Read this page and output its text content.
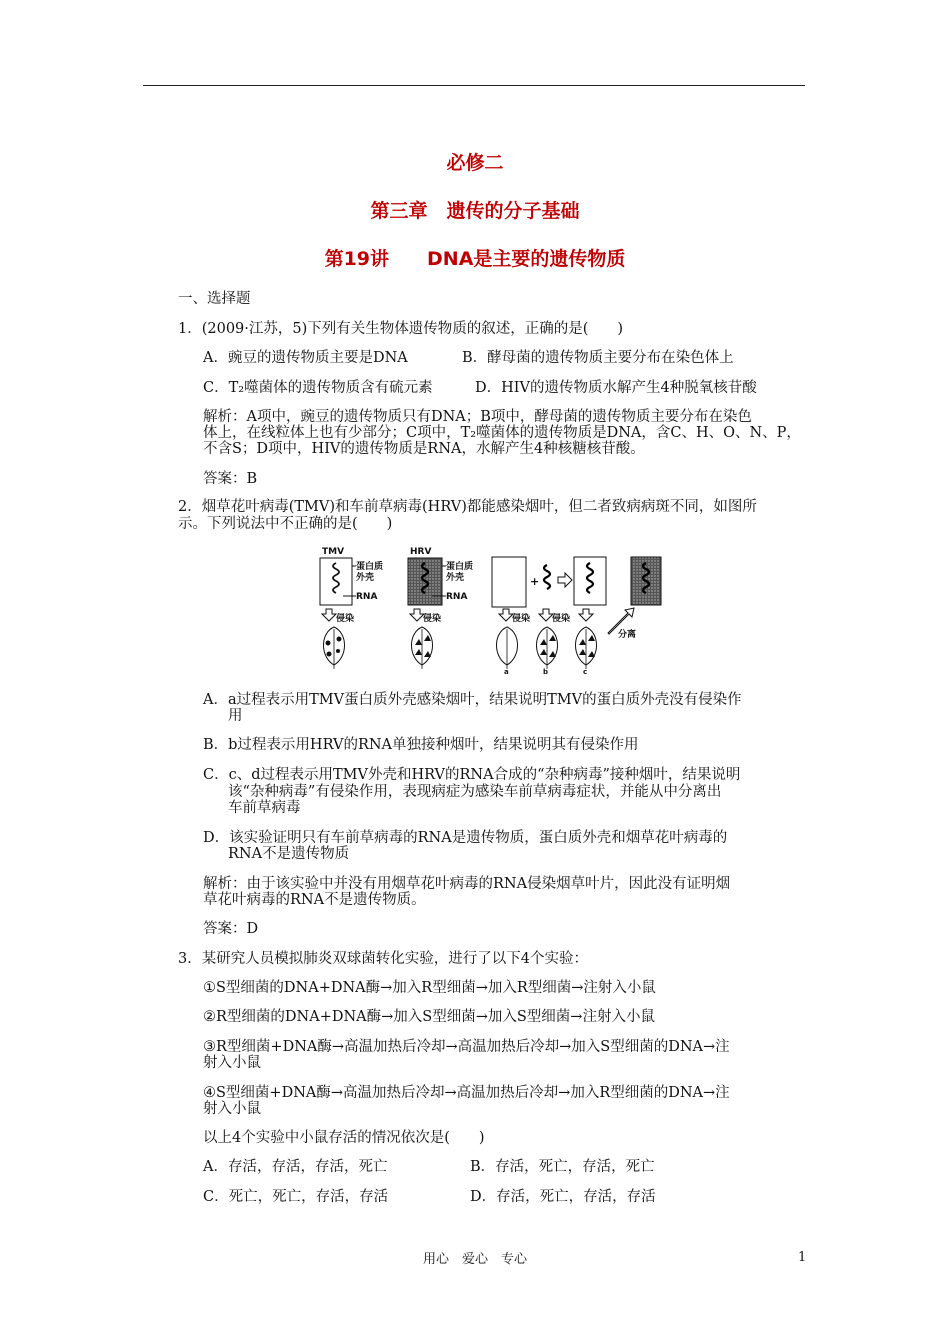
必修二
第三章　遗传的分子基础
第19讲　　DNA是主要的遗传物质
一、选择题
1．(2009·江苏，5)下列有关生物体遗传物质的叙述，正确的是(　　)
A．豌豆的遗传物质主要是DNA	B．酵母菌的遗传物质主要分布在染色体上
C．T₂噬菌体的遗传物质含有硫元素	D．HIV的遗传物质水解产生4种脱氧核苷酸
解析：A项中，豌豆的遗传物质只有DNA；B项中，酵母菌的遗传物质主要分布在染色
体上，在线粒体上也有少部分；C项中，T₂噬菌体的遗传物质是DNA，含C、H、O、N、P，
不含S；D项中，HIV的遗传物质是RNA，水解产生4种核糖核苷酸。
答案：B
2．烟草花叶病毒(TMV)和车前草病毒(HRV)都能感染烟叶，但二者致病病斑不同，如图所
示。下列说法中不正确的是(　　)
TMV	HRV
蛋白质
外壳
RNA
蛋白质
外壳
RNA
侵染	侵染	侵染 侵染
分离
a	b	c
+
A．a过程表示用TMV蛋白质外壳感染烟叶，结果说明TMV的蛋白质外壳没有侵染作
用
B．b过程表示用HRV的RNA单独接种烟叶，结果说明其有侵染作用
C．c、d过程表示用TMV外壳和HRV的RNA合成的“杂种病毒”接种烟叶，结果说明
该“杂种病毒”有侵染作用，表现病症为感染车前草病毒症状，并能从中分离出
车前草病毒
D．该实验证明只有车前草病毒的RNA是遗传物质，蛋白质外壳和烟草花叶病毒的
RNA不是遗传物质
解析：由于该实验中并没有用烟草花叶病毒的RNA侵染烟草叶片，因此没有证明烟
草花叶病毒的RNA不是遗传物质。
答案：D
3．某研究人员模拟肺炎双球菌转化实验，进行了以下4个实验：
①S型细菌的DNA+DNA酶→加入R型细菌→加入R型细菌→注射入小鼠
②R型细菌的DNA+DNA酶→加入S型细菌→加入S型细菌→注射入小鼠
③R型细菌+DNA酶→高温加热后冷却→高温加热后冷却→加入S型细菌的DNA→注
射入小鼠
④S型细菌+DNA酶→高温加热后冷却→高温加热后冷却→加入R型细菌的DNA→注
射入小鼠
以上4个实验中小鼠存活的情况依次是(　　)
A．存活，存活，存活，死亡	B．存活，死亡，存活，死亡
C．死亡，死亡，存活，存活	D．存活，死亡，存活，存活
用心　爱心　专心	1
